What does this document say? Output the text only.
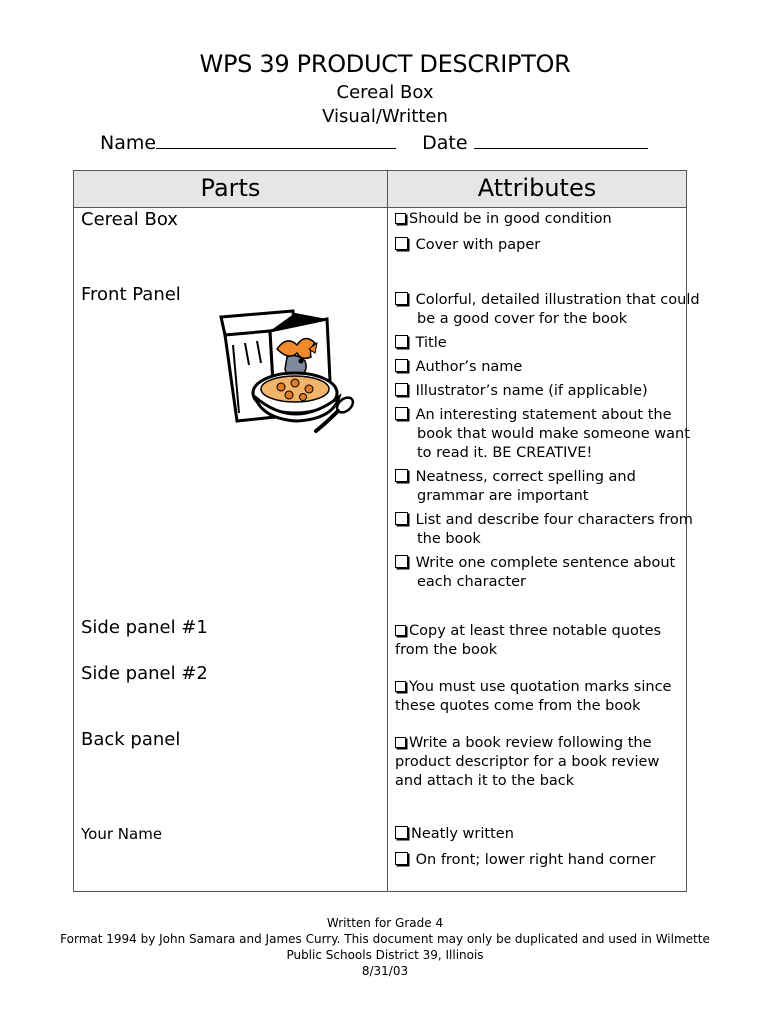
WPS 39 PRODUCT DESCRIPTOR
Cereal Box
Visual/Written
Name	Date
Parts	Attributes
Cereal Box
Front Panel
Side panel #1
Side panel #2
Back panel
Your Name
Should be in good condition
Cover with paper
Colorful, detailed illustration that could be a good cover for the book
Title
Author’s name
Illustrator’s name (if applicable)
An interesting statement about the book that would make someone want to read it. BE CREATIVE!
Neatness, correct spelling and grammar are important
List and describe four characters from the book
Write one complete sentence about each character
Copy at least three notable quotes from the book
You must use quotation marks since these quotes come from the book
Write a book review following the product descriptor for a book review and attach it to the back
Neatly written
On front; lower right hand corner
Written for Grade 4
Format 1994 by John Samara and James Curry. This document may only be duplicated and used in Wilmette
Public Schools District 39, Illinois
8/31/03
